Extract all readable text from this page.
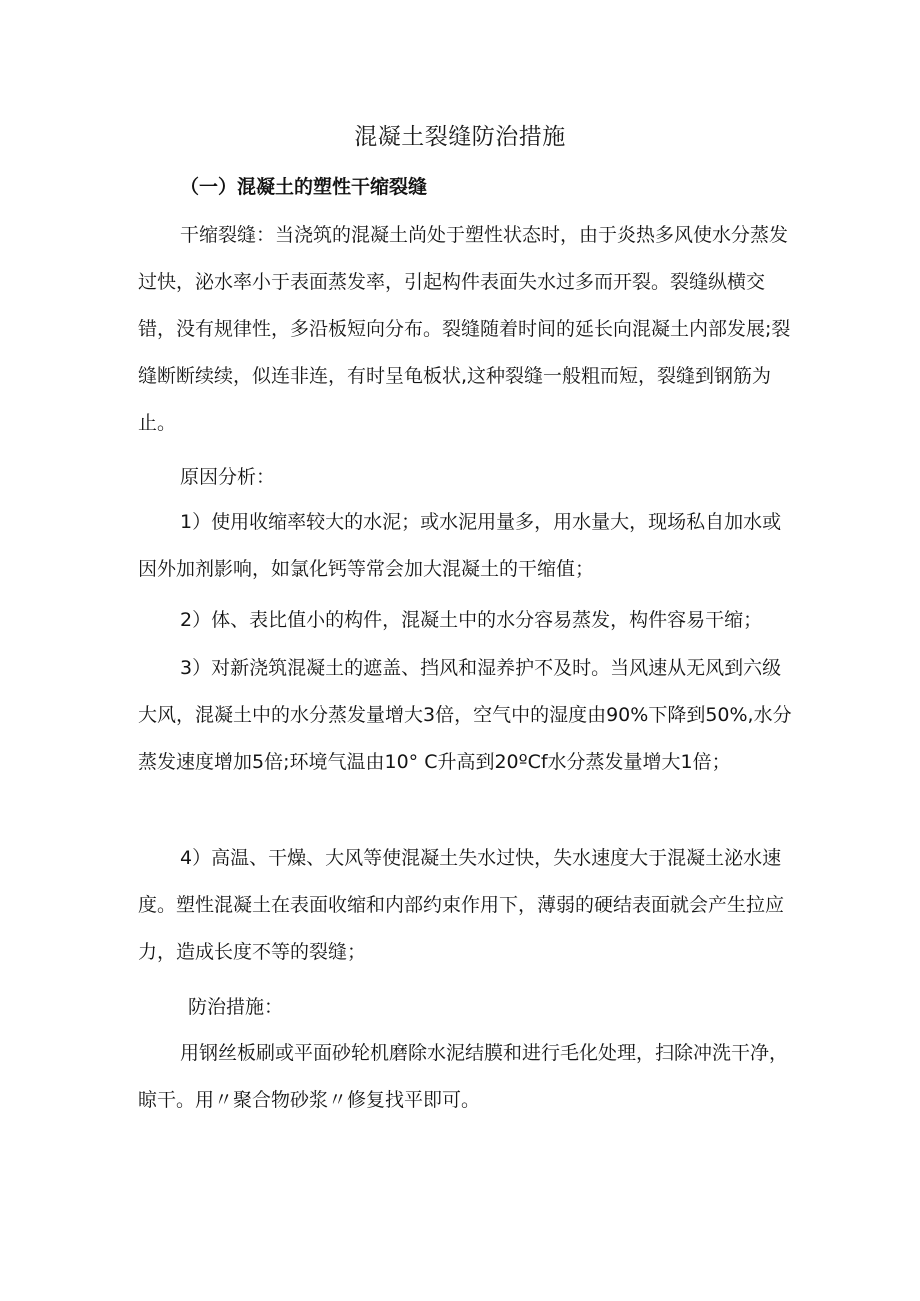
混凝土裂缝防治措施
（一）混凝土的塑性干缩裂缝

干缩裂缝：当浇筑的混凝土尚处于塑性状态时，由于炎热多风使水分蒸发过快，泌水率小于表面蒸发率，引起构件表面失水过多而开裂。裂缝纵横交错，没有规律性，多沿板短向分布。裂缝随着时间的延长向混凝土内部发展;裂缝断断续续，似连非连，有时呈龟板状,这种裂缝一般粗而短，裂缝到钢筋为止。

原因分析：

1）使用收缩率较大的水泥；或水泥用量多，用水量大，现场私自加水或因外加剂影响，如氯化钙等常会加大混凝土的干缩值；

2）体、表比值小的构件，混凝土中的水分容易蒸发，构件容易干缩；

3）对新浇筑混凝土的遮盖、挡风和湿养护不及时。当风速从无风到六级大风，混凝土中的水分蒸发量增大3倍，空气中的湿度由90%下降到50%,水分蒸发速度增加5倍;环境气温由10° C升高到20ºCf水分蒸发量增大1倍；

4）高温、干燥、大风等使混凝土失水过快，失水速度大于混凝土泌水速度。塑性混凝土在表面收缩和内部约束作用下，薄弱的硬结表面就会产生拉应力，造成长度不等的裂缝；

防治措施：

用钢丝板刷或平面砂轮机磨除水泥结膜和进行毛化处理，扫除冲洗干净，晾干。用〃聚合物砂浆〃修复找平即可。
